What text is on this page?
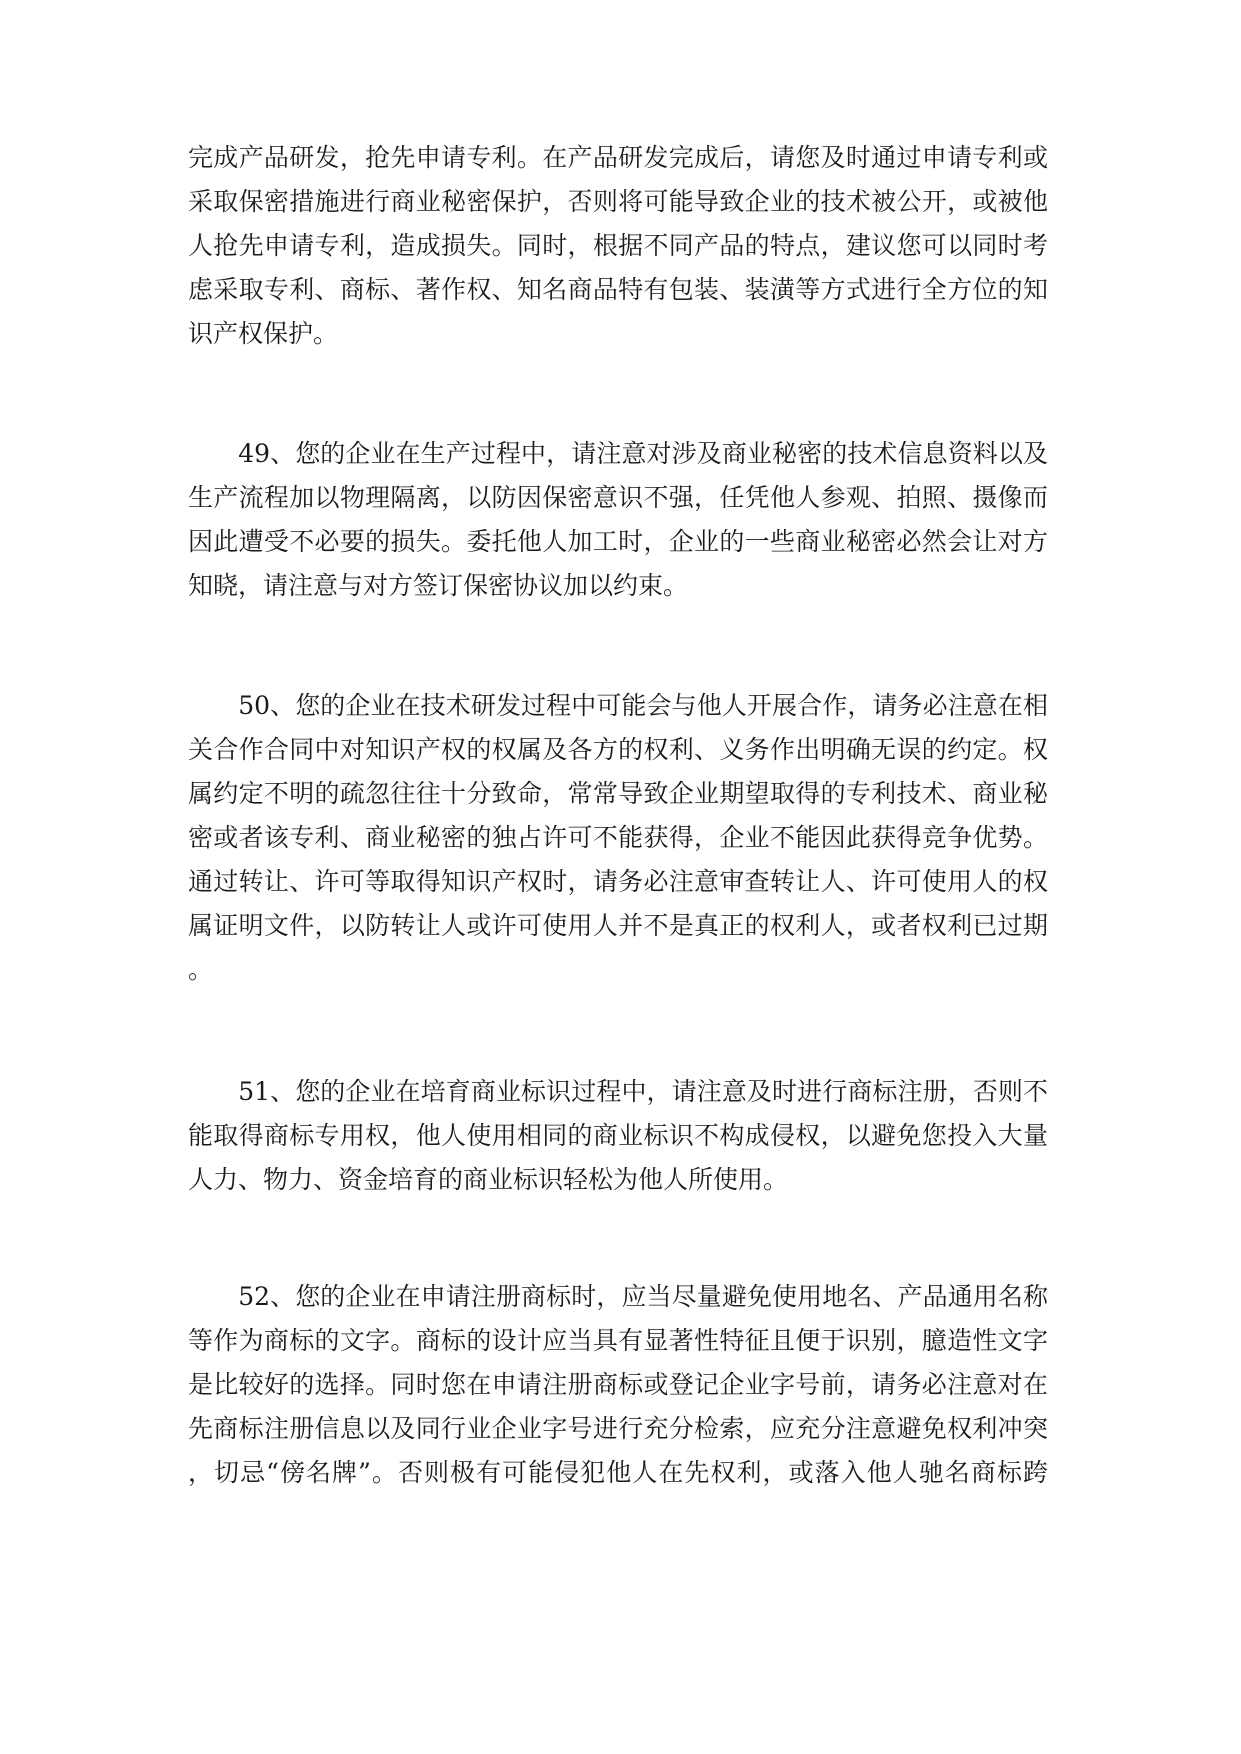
完成产品研发，抢先申请专利。在产品研发完成后，请您及时通过申请专利或
采取保密措施进行商业秘密保护，否则将可能导致企业的技术被公开，或被他
人抢先申请专利，造成损失。同时，根据不同产品的特点，建议您可以同时考
虑采取专利、商标、著作权、知名商品特有包装、装潢等方式进行全方位的知
识产权保护。
　　49、您的企业在生产过程中，请注意对涉及商业秘密的技术信息资料以及
生产流程加以物理隔离，以防因保密意识不强，任凭他人参观、拍照、摄像而
因此遭受不必要的损失。委托他人加工时，企业的一些商业秘密必然会让对方
知晓，请注意与对方签订保密协议加以约束。
　　50、您的企业在技术研发过程中可能会与他人开展合作，请务必注意在相
关合作合同中对知识产权的权属及各方的权利、义务作出明确无误的约定。权
属约定不明的疏忽往往十分致命，常常导致企业期望取得的专利技术、商业秘
密或者该专利、商业秘密的独占许可不能获得，企业不能因此获得竞争优势。
通过转让、许可等取得知识产权时，请务必注意审查转让人、许可使用人的权
属证明文件，以防转让人或许可使用人并不是真正的权利人，或者权利已过期
。
　　51、您的企业在培育商业标识过程中，请注意及时进行商标注册，否则不
能取得商标专用权，他人使用相同的商业标识不构成侵权，以避免您投入大量
人力、物力、资金培育的商业标识轻松为他人所使用。
　　52、您的企业在申请注册商标时，应当尽量避免使用地名、产品通用名称
等作为商标的文字。商标的设计应当具有显著性特征且便于识别，臆造性文字
是比较好的选择。同时您在申请注册商标或登记企业字号前，请务必注意对在
先商标注册信息以及同行业企业字号进行充分检索，应充分注意避免权利冲突
，切忌“傍名牌”。否则极有可能侵犯他人在先权利，或落入他人驰名商标跨
